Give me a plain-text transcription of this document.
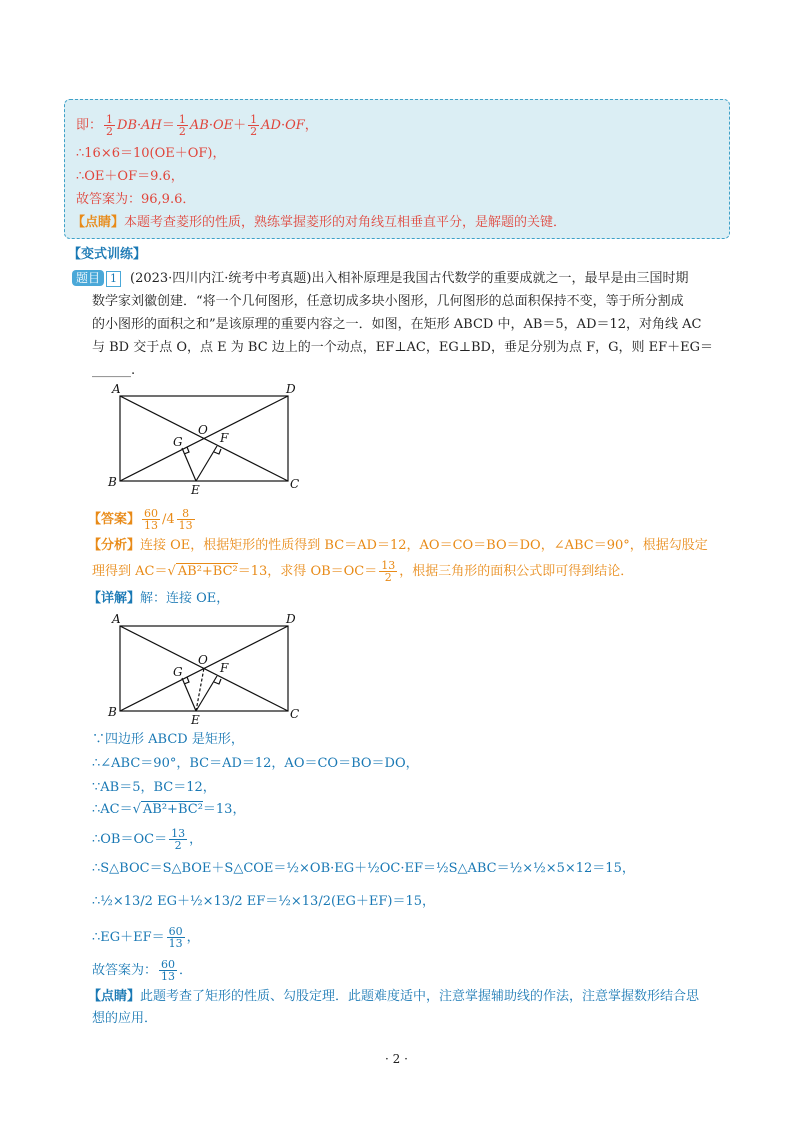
即： $\frac{1}{2} DB\cdot AH= \frac{1}{2} AB\cdot OE+ \frac{1}{2} AD\cdot OF$，
∴16×6＝10(OE＋OF)，
∴OE＋OF＝9.6，
故答案为：96,9.6．
【点睛】本题考查菱形的性质，熟练掌握菱形的对角线互相垂直平分，是解题的关键．
【变式训练】
题目 1 (2023·四川内江·统考中考真题)出入相补原理是我国古代数学的重要成就之一，最早是由三国时期
数学家刘徽创建．“将一个几何图形，任意切成多块小图形，几何图形的总面积保持不变，等于所分割成
的小图形的面积之和”是该原理的重要内容之一．如图，在矩形 ABCD 中，AB＝5，AD＝12，对角线 AC
与 BD 交于点 O，点 E 为 BC 边上的一个动点，EF⊥AC，EG⊥BD，垂足分别为点 F，G，则 EF＋EG＝
______.
A	D
O
G	F
B
E	C
【答案】 $\frac{60}{13} /4 \frac{8}{13}$
【分析】连接 OE，根据矩形的性质得到 BC＝AD＝12，AO＝CO＝BO＝DO，∠ABC＝90°，根据勾股定
理得到 AC＝√ AB²+BC²＝13，求得 $OB=OC= \frac{13}{2}$ ，根据三角形的面积公式即可得到结论．
【详解】解：连接 OE，
A	D
O
G	F
B
E	C
∵四边形 ABCD 是矩形，
∴∠ABC＝90°，BC＝AD＝12，AO＝CO＝BO＝DO，
∵AB＝5，BC＝12，
∴AC＝√ AB²+BC²＝13，
∴OB＝OC＝ $\frac{13}{2}$ ，
∴S△BOC＝S△BOE＋S△COE＝½×OB·EG＋½OC·EF＝½S△ABC＝½×½×5×12＝15，
∴½×13/2 EG＋½×13/2 EF＝½×13/2(EG＋EF)＝15，
∴EG＋EF＝ $\frac{60}{13}$ ，
故答案为： $\frac{60}{13}$ ．
【点睛】此题考查了矩形的性质、勾股定理．此题难度适中，注意掌握辅助线的作法，注意掌握数形结合思
想的应用．
· 2 ·
